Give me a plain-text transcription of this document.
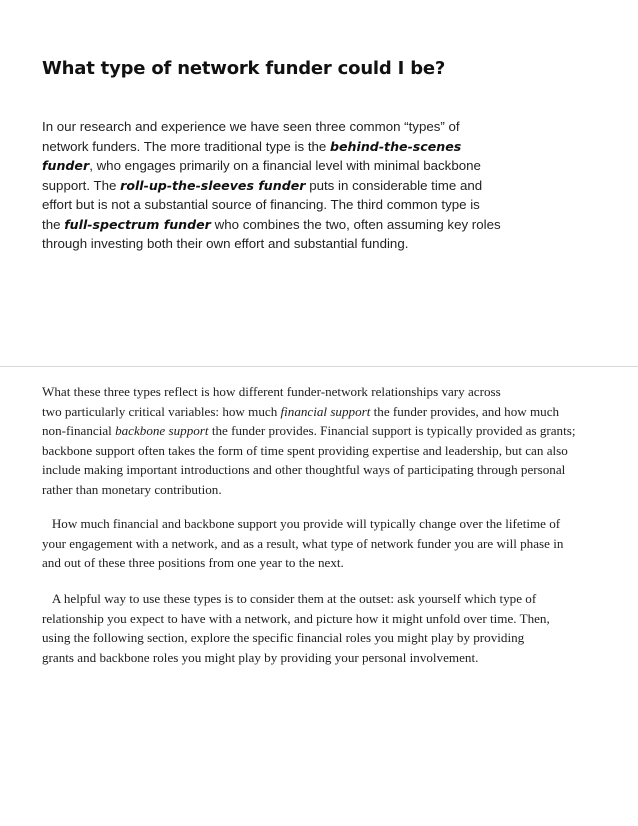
What type of network funder could I be?

In our research and experience we have seen three common “types” of
network funders. The more traditional type is the behind-the-scenes
funder, who engages primarily on a financial level with minimal backbone
support. The roll-up-the-sleeves funder puts in considerable time and
effort but is not a substantial source of financing. The third common type is
the full-spectrum funder who combines the two, often assuming key roles
through investing both their own effort and substantial funding.

What these three types reflect is how different funder-network relationships vary across
two particularly critical variables: how much financial support the funder provides, and how much
non-financial backbone support the funder provides. Financial support is typically provided as grants;
backbone support often takes the form of time spent providing expertise and leadership, but can also
include making important introductions and other thoughtful ways of participating through personal
rather than monetary contribution.

How much financial and backbone support you provide will typically change over the lifetime of
your engagement with a network, and as a result, what type of network funder you are will phase in
and out of these three positions from one year to the next.

A helpful way to use these types is to consider them at the outset: ask yourself which type of
relationship you expect to have with a network, and picture how it might unfold over time. Then,
using the following section, explore the specific financial roles you might play by providing
grants and backbone roles you might play by providing your personal involvement.
